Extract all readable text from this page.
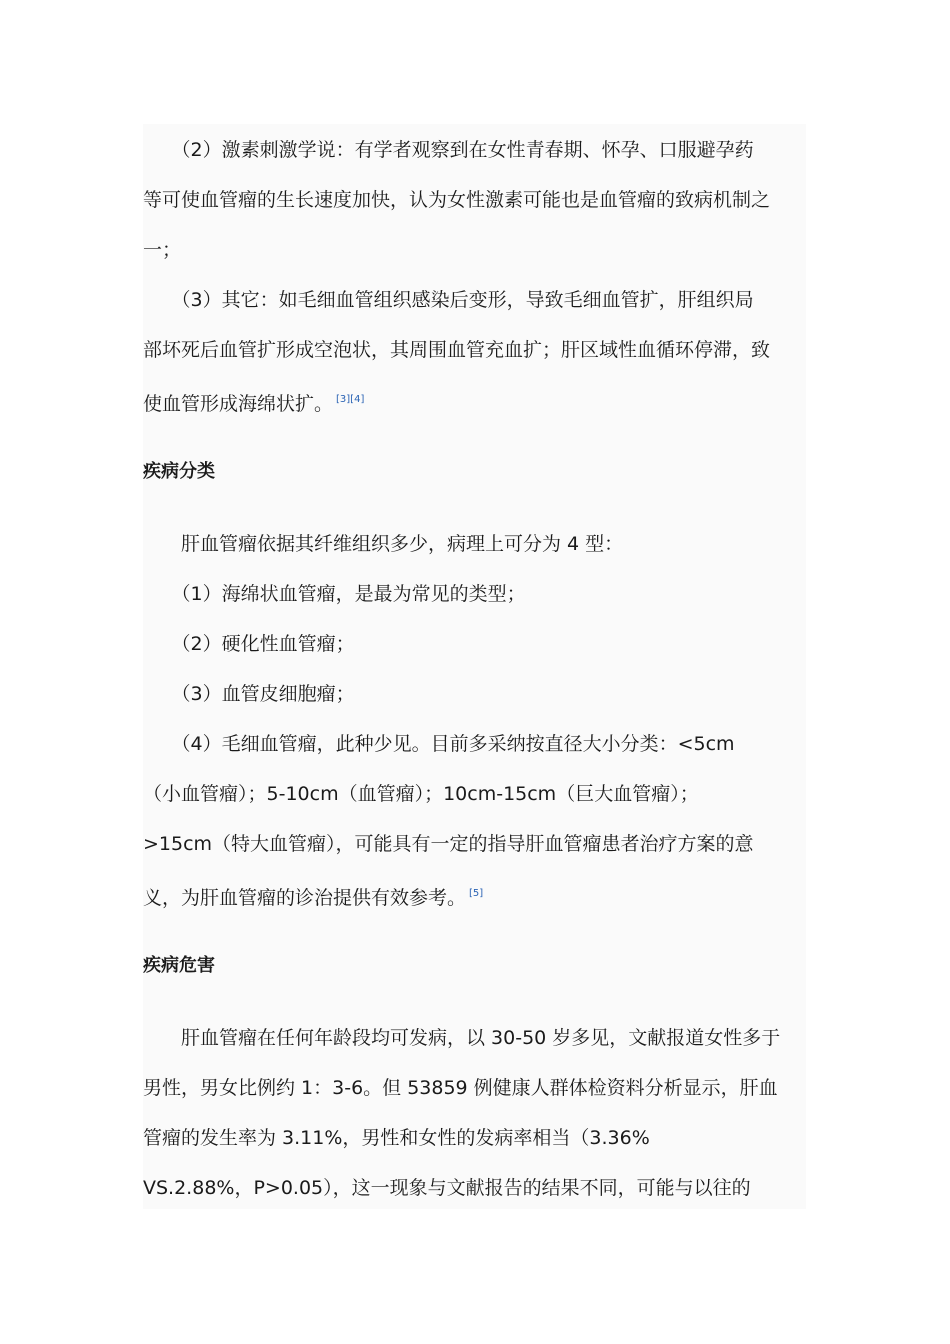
　　（2）激素刺激学说：有学者观察到在女性青春期、怀孕、口服避孕药
等可使血管瘤的生长速度加快，认为女性激素可能也是血管瘤的致病机制之
一；
　　（3）其它：如毛细血管组织感染后变形，导致毛细血管扩，肝组织局
部坏死后血管扩形成空泡状，其周围血管充血扩；肝区域性血循环停滞，致
使血管形成海绵状扩。 [3][4]
疾病分类
　　肝血管瘤依据其纤维组织多少，病理上可分为 4 型：
　　（1）海绵状血管瘤，是最为常见的类型；
　　（2）硬化性血管瘤；
　　（3）血管皮细胞瘤；
　　（4）毛细血管瘤，此种少见。目前多采纳按直径大小分类：<5cm
（小血管瘤）；5-10cm（血管瘤）；10cm-15cm（巨大血管瘤）；
>15cm（特大血管瘤），可能具有一定的指导肝血管瘤患者治疗方案的意
义，为肝血管瘤的诊治提供有效参考。 [5]
疾病危害
　　肝血管瘤在任何年龄段均可发病，以 30-50 岁多见，文献报道女性多于
男性，男女比例约 1：3-6。但 53859 例健康人群体检资料分析显示，肝血
管瘤的发生率为 3.11%，男性和女性的发病率相当（3.36%
VS.2.88%，P>0.05），这一现象与文献报告的结果不同，可能与以往的
